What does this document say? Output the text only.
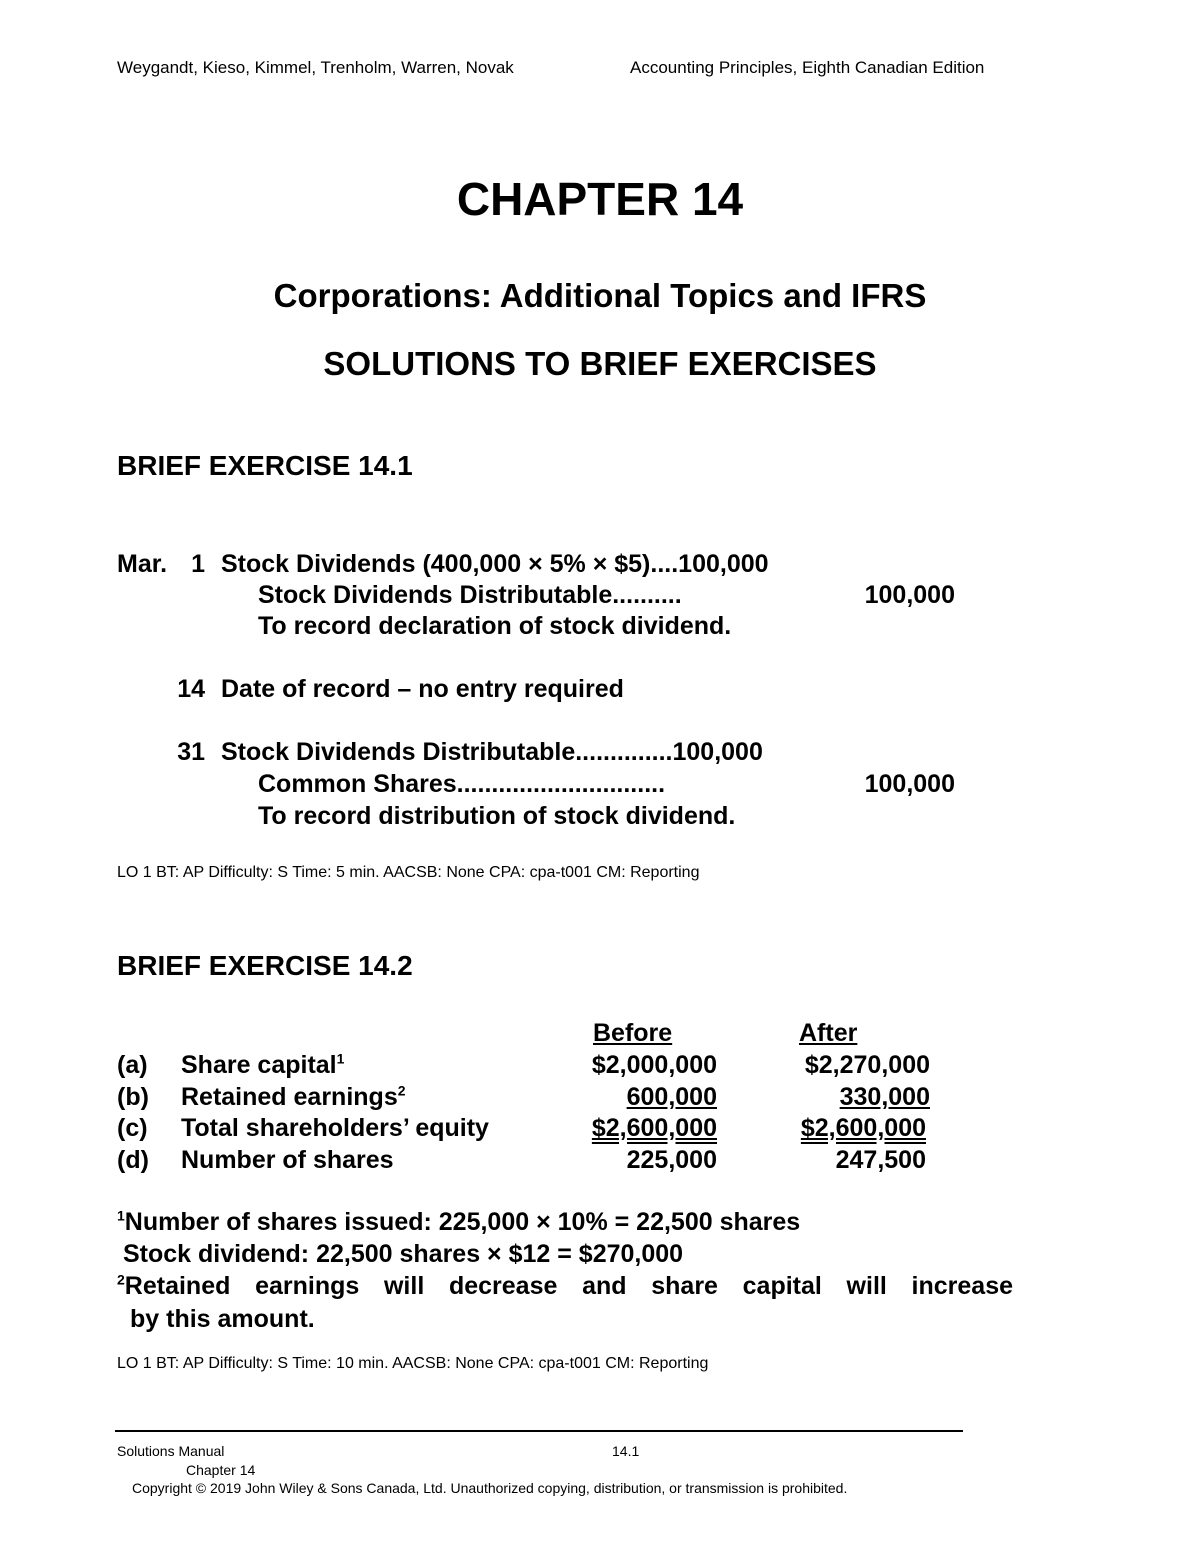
Weygandt, Kieso, Kimmel, Trenholm, Warren, Novak	Accounting Principles, Eighth Canadian Edition
CHAPTER 14
Corporations: Additional Topics and IFRS
SOLUTIONS TO BRIEF EXERCISES
BRIEF EXERCISE 14.1
Mar. 1 Stock Dividends (400,000 × 5% × $5)....100,000
Stock Dividends Distributable..........	100,000
To record declaration of stock dividend.
14 Date of record – no entry required
31 Stock Dividends Distributable..............100,000
Common Shares..............................	100,000
To record distribution of stock dividend.
LO 1 BT: AP Difficulty: S Time: 5 min. AACSB: None CPA: cpa-t001 CM: Reporting
BRIEF EXERCISE 14.2
Before	After
(a) Share capital$^1$	$2,000,000	$2,270,000
(b) Retained earnings$^2$	600,000	330,000
(c) Total shareholders’ equity	$2,600,000	$2,600,000
(d) Number of shares	225,000	247,500
$^1$Number of shares issued: 225,000 × 10% = 22,500 shares
Stock dividend: 22,500 shares × $12 = $270,000
$^2$Retained earnings will decrease and share capital will increase
by this amount.
LO 1 BT: AP Difficulty: S Time: 10 min. AACSB: None CPA: cpa-t001 CM: Reporting
Solutions Manual	14.1
Chapter 14
Copyright © 2019 John Wiley & Sons Canada, Ltd. Unauthorized copying, distribution, or transmission is prohibited.
